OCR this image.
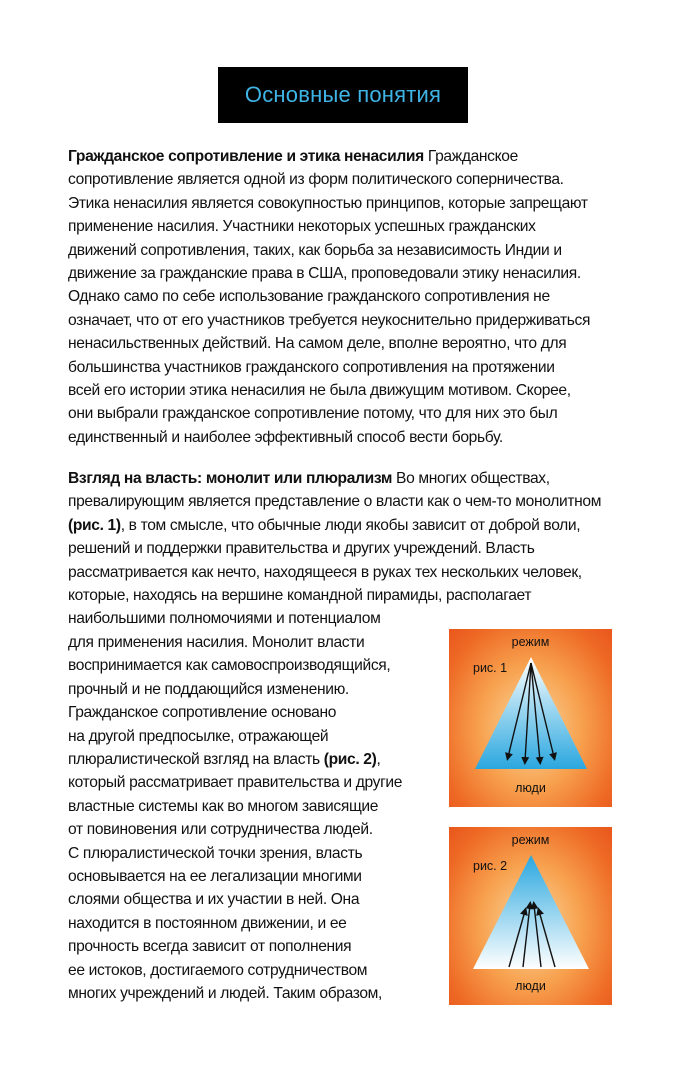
Основные понятия
Гражданское сопротивление и этика ненасилия Гражданское
сопротивление является одной из форм политического соперничества.
Этика ненасилия является совокупностью принципов, которые запрещают
применение насилия. Участники некоторых успешных гражданских
движений сопротивления, таких, как борьба за независимость Индии и
движение за гражданские права в США, проповедовали этику ненасилия.
Однако само по себе использование гражданского сопротивления не
означает, что от его участников требуется неукоснительно придерживаться
ненасильственных действий. На самом деле, вполне вероятно, что для
большинства участников гражданского сопротивления на протяжении
всей его истории этика ненасилия не была движущим мотивом. Скорее,
они выбрали гражданское сопротивление потому, что для них это был
единственный и наиболее эффективный способ вести борьбу.
Взгляд на власть: монолит или плюрализм Во многих обществах,
превалирующим является представление о власти как о чем-то монолитном
(рис. 1), в том смысле, что обычные люди якобы зависит от доброй воли,
решений и поддержки правительства и других учреждений. Власть
рассматривается как нечто, находящееся в руках тех нескольких человек,
которые, находясь на вершине командной пирамиды, располагает
наибольшими полномочиями и потенциалом
для применения насилия. Монолит власти
воспринимается как самовоспроизводящийся,
прочный и не поддающийся изменению.
Гражданское сопротивление основано
на другой предпосылке, отражающей
плюралистической взгляд на власть (рис. 2),
который рассматривает правительства и другие
властные системы как во многом зависящие
от повиновения или сотрудничества людей.
С плюралистической точки зрения, власть
основывается на ее легализации многими
слоями общества и их участии в ней. Она
находится в постоянном движении, и ее
прочность всегда зависит от пополнения
ее истоков, достигаемого сотрудничеством
многих учреждений и людей. Таким образом,
режим
рис. 1
люди
режим
рис. 2
люди
